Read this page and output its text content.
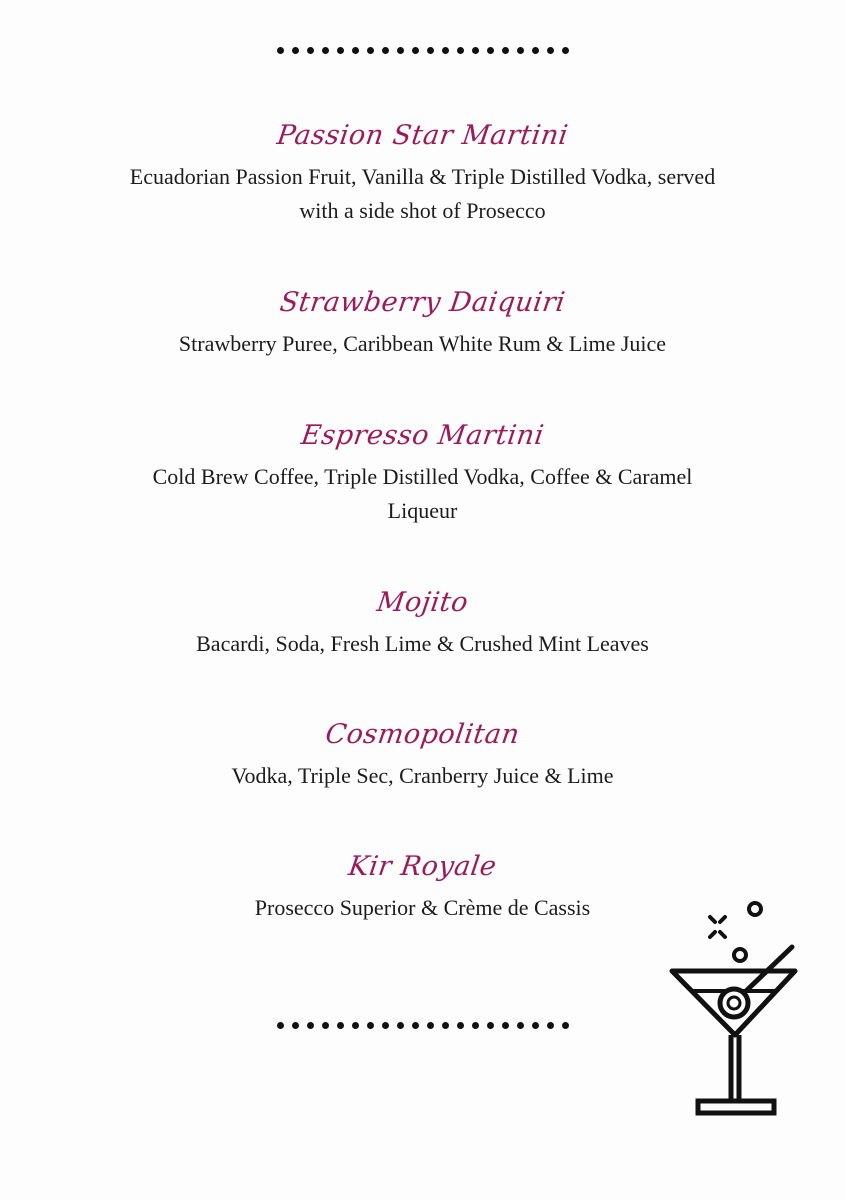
Passion Star Martini
Ecuadorian Passion Fruit, Vanilla & Triple Distilled Vodka, served with a side shot of Prosecco
Strawberry Daiquiri
Strawberry Puree, Caribbean White Rum & Lime Juice
Espresso Martini
Cold Brew Coffee, Triple Distilled Vodka, Coffee & Caramel Liqueur
Mojito
Bacardi, Soda, Fresh Lime & Crushed Mint Leaves
Cosmopolitan
Vodka, Triple Sec, Cranberry Juice & Lime
Kir Royale
Prosecco Superior & Crème de Cassis
